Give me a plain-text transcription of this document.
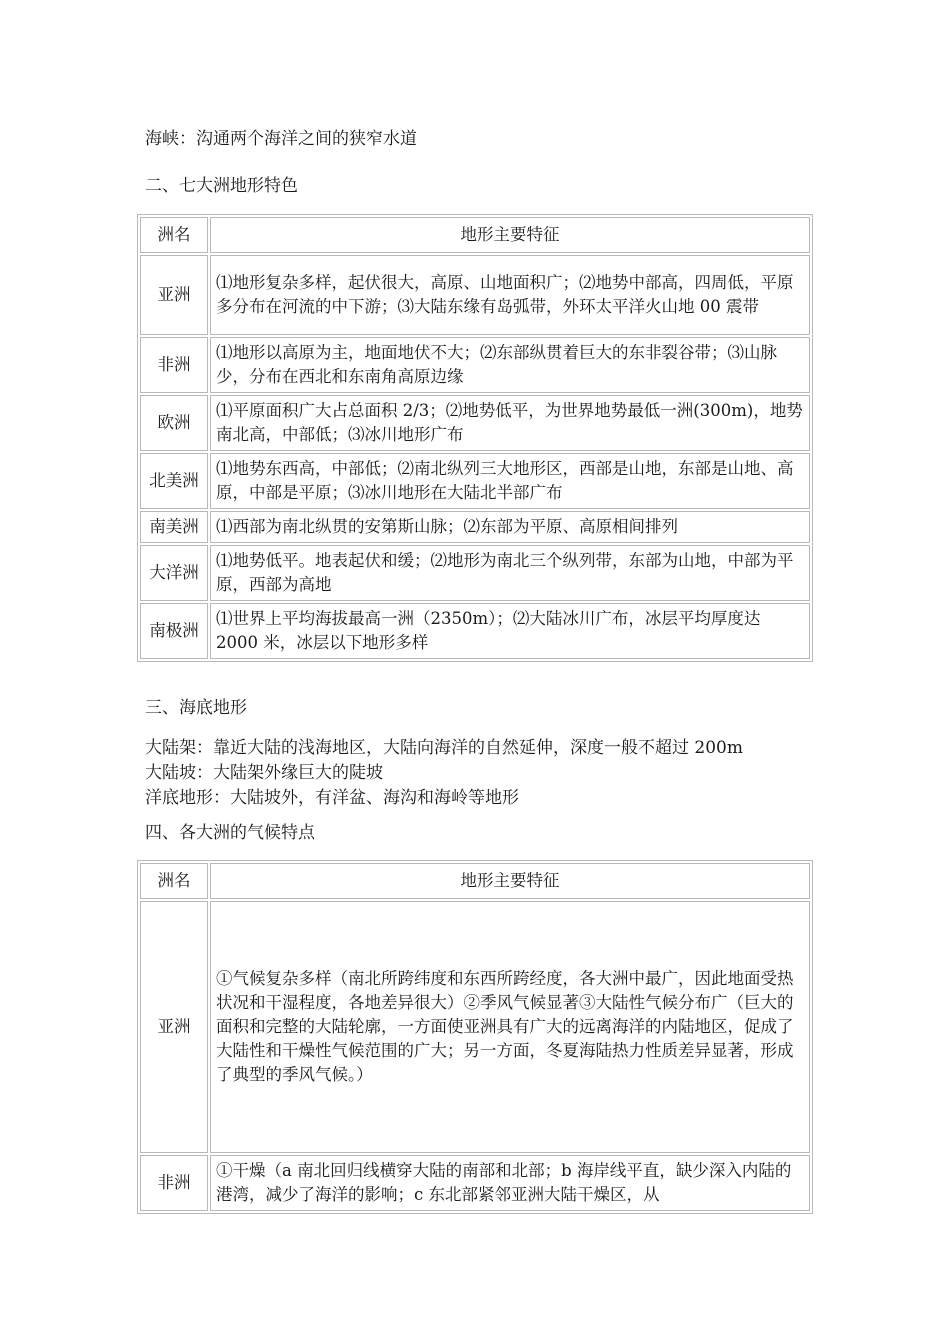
海峡：沟通两个海洋之间的狭窄水道
二、七大洲地形特色
洲名	地形主要特征
亚洲	⑴地形复杂多样，起伏很大，高原、山地面积广；⑵地势中部高，四周低，平原多分布在河流的中下游；⑶大陆东缘有岛弧带，外环太平洋火山地 00 震带
非洲	⑴地形以高原为主，地面地伏不大；⑵东部纵贯着巨大的东非裂谷带；⑶山脉少，分布在西北和东南角高原边缘
欧洲	⑴平原面积广大占总面积 2/3；⑵地势低平，为世界地势最低一洲(300m)，地势南北高，中部低；⑶冰川地形广布
北美洲	⑴地势东西高，中部低；⑵南北纵列三大地形区，西部是山地，东部是山地、高原，中部是平原；⑶冰川地形在大陆北半部广布
南美洲	⑴西部为南北纵贯的安第斯山脉；⑵东部为平原、高原相间排列
大洋洲	⑴地势低平。地表起伏和缓；⑵地形为南北三个纵列带，东部为山地，中部为平原，西部为高地
南极洲	⑴世界上平均海拔最高一洲（2350m）；⑵大陆冰川广布，冰层平均厚度达 2000 米，冰层以下地形多样
三、海底地形
大陆架：靠近大陆的浅海地区，大陆向海洋的自然延伸，深度一般不超过 200m
大陆坡：大陆架外缘巨大的陡坡
洋底地形：大陆坡外，有洋盆、海沟和海岭等地形
四、各大洲的气候特点
洲名	地形主要特征
亚洲	①气候复杂多样（南北所跨纬度和东西所跨经度，各大洲中最广，因此地面受热状况和干湿程度，各地差异很大）②季风气候显著③大陆性气候分布广（巨大的面积和完整的大陆轮廓，一方面使亚洲具有广大的远离海洋的内陆地区，促成了大陆性和干燥性气候范围的广大；另一方面，冬夏海陆热力性质差异显著，形成了典型的季风气候。）
非洲	①干燥（a 南北回归线横穿大陆的南部和北部；b 海岸线平直，缺少深入内陆的港湾，减少了海洋的影响；c 东北部紧邻亚洲大陆干燥区，从
